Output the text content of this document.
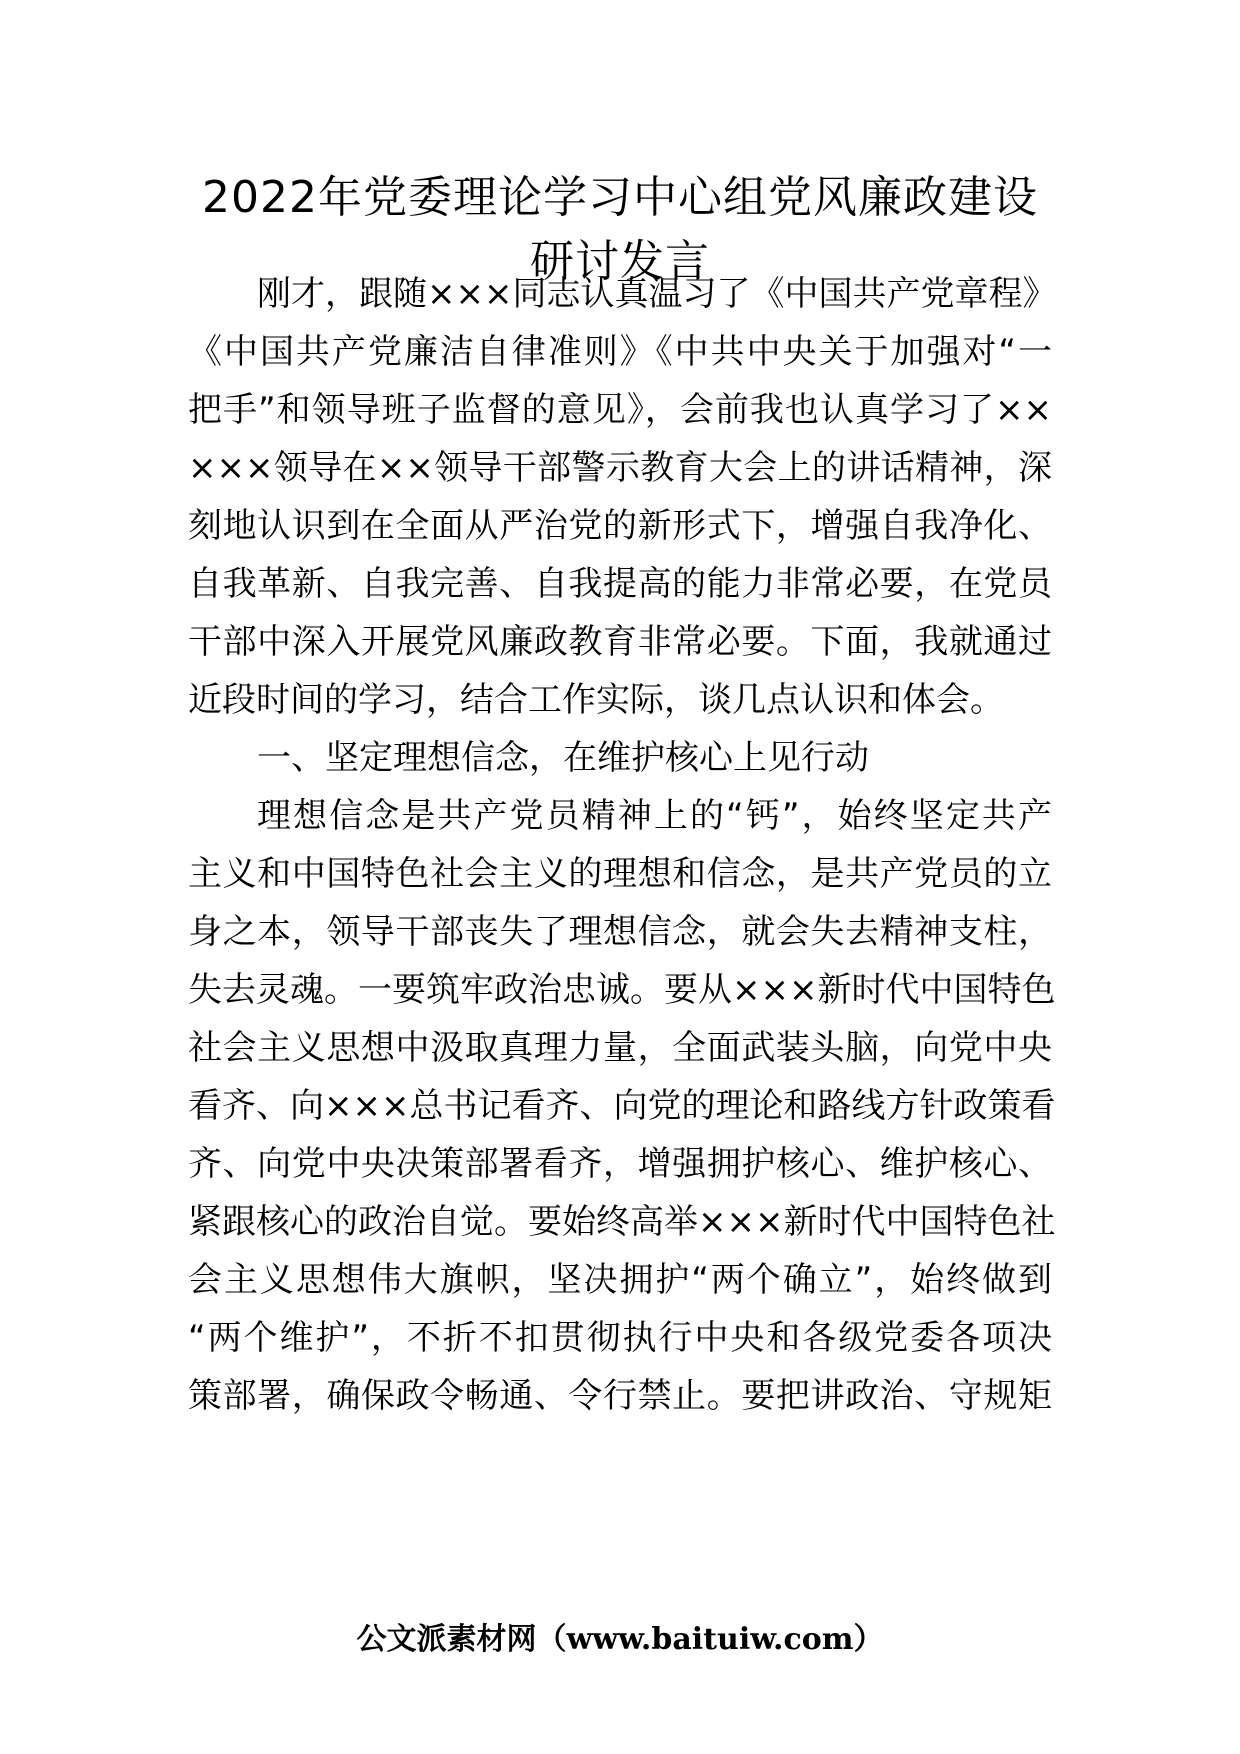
2022年党委理论学习中心组党风廉政建设
研讨发言
刚才，跟随×××同志认真温习了《中国共产党章程》
《中国共产党廉洁自律准则》《中共中央关于加强对“一
把手”和领导班子监督的意见》，会前我也认真学习了××
×××领导在××领导干部警示教育大会上的讲话精神，深
刻地认识到在全面从严治党的新形式下，增强自我净化、
自我革新、自我完善、自我提高的能力非常必要，在党员
干部中深入开展党风廉政教育非常必要。下面，我就通过
近段时间的学习，结合工作实际，谈几点认识和体会。
一、坚定理想信念，在维护核心上见行动
理想信念是共产党员精神上的“钙”，始终坚定共产
主义和中国特色社会主义的理想和信念，是共产党员的立
身之本，领导干部丧失了理想信念，就会失去精神支柱，
失去灵魂。一要筑牢政治忠诚。要从×××新时代中国特色
社会主义思想中汲取真理力量，全面武装头脑，向党中央
看齐、向×××总书记看齐、向党的理论和路线方针政策看
齐、向党中央决策部署看齐，增强拥护核心、维护核心、
紧跟核心的政治自觉。要始终高举×××新时代中国特色社
会主义思想伟大旗帜，坚决拥护“两个确立”，始终做到
“两个维护”，不折不扣贯彻执行中央和各级党委各项决
策部署，确保政令畅通、令行禁止。要把讲政治、守规矩
公文派素材网（www.baituiw.com）
